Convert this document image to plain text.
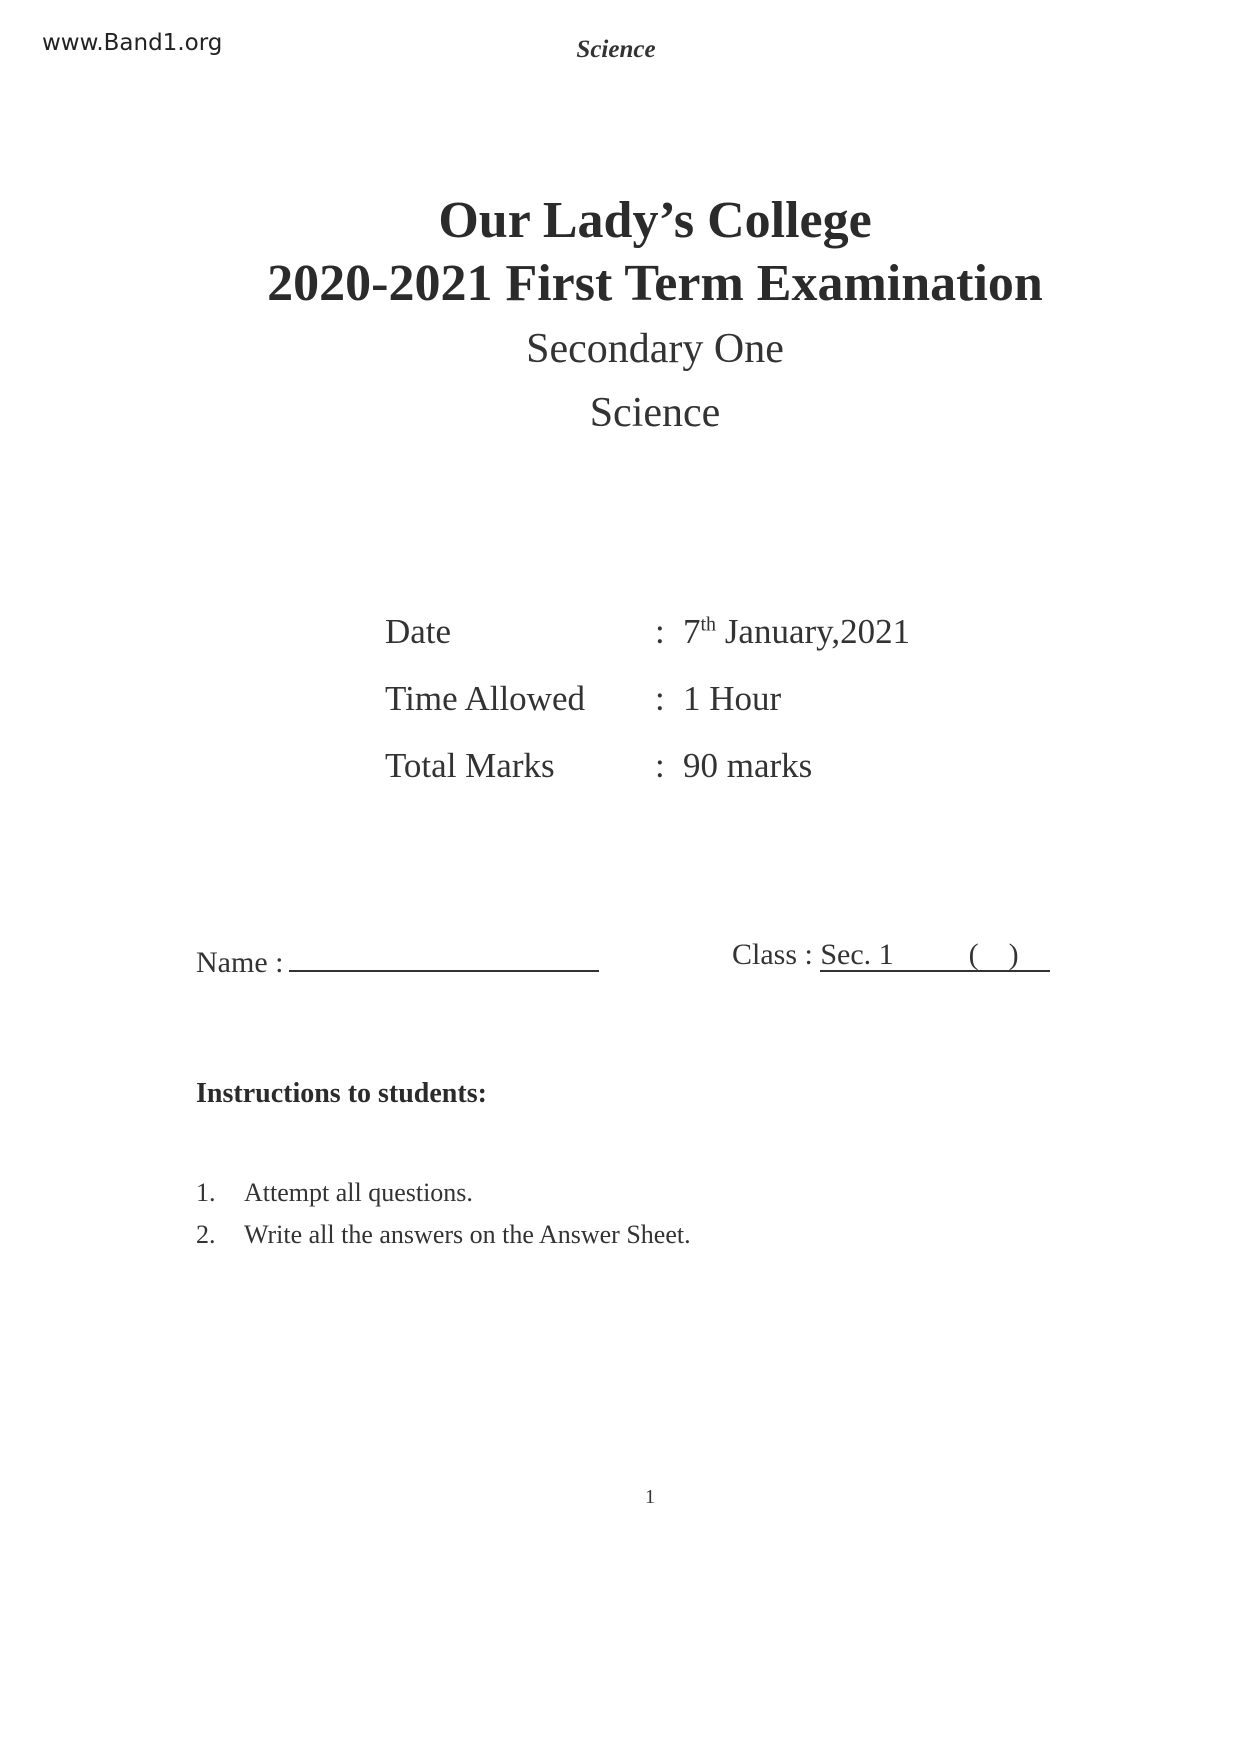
www.Band1.org	Science

Our Lady’s College

2020-2021 First Term Examination

Secondary One

Science

Date	:	7th January,2021
Time Allowed	:	1 Hour
Total Marks	:	90 marks
Name :	Class : Sec. 1          (    )
Instructions to students:
1. Attempt all questions.
2. Write all the answers on the Answer Sheet.
1
